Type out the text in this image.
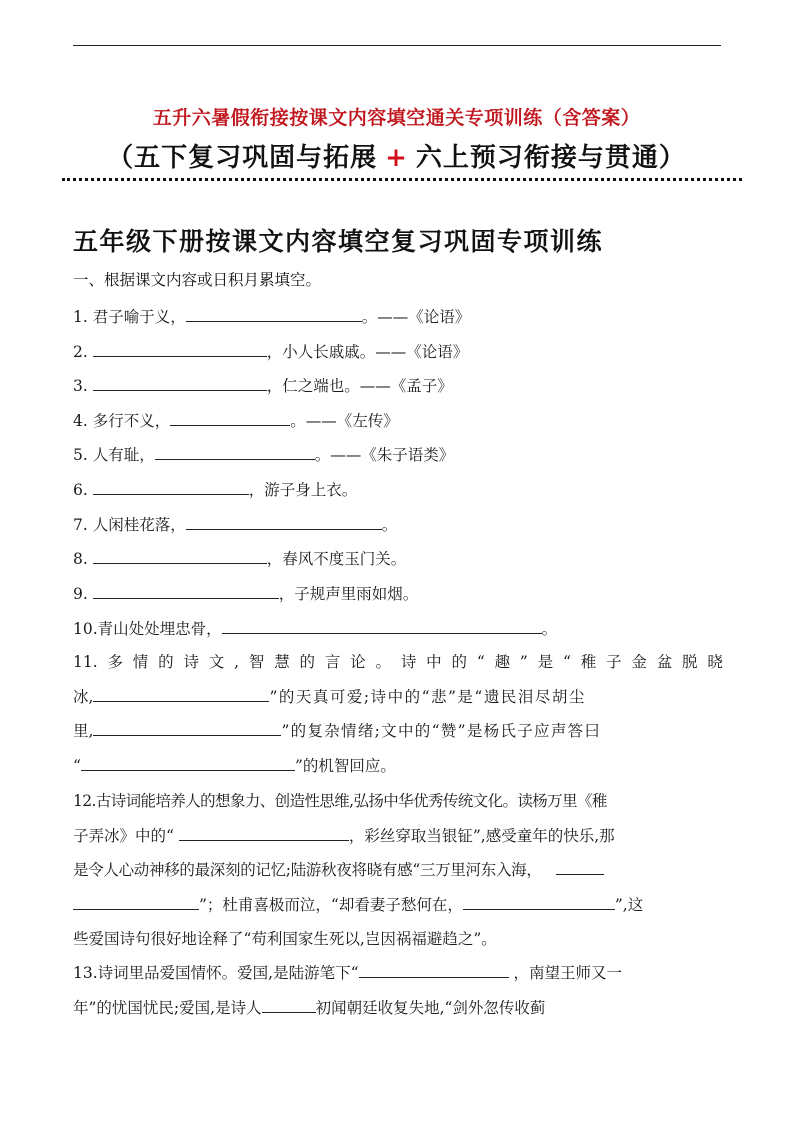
五升六暑假衔接按课文内容填空通关专项训练（含答案）
（五下复习巩固与拓展 + 六上预习衔接与贯通）
五年级下册按课文内容填空复习巩固专项训练
一、根据课文内容或日积月累填空。
1. 君子喻于义，	。——《论语》
2.	，小人长戚戚。——《论语》
3.	，仁之端也。——《孟子》
4. 多行不义，	。——《左传》
5. 人有耻，	。——《朱子语类》
6.	，游子身上衣。
7. 人闲桂花落，	。
8.	，春风不度玉门关。
9.	，子规声里雨如烟。
10.青山处处埋忠骨，	。
11. 多 情 的 诗 文 , 智 慧 的 言 论 。 诗 中 的 “ 趣 ” 是 “ 稚 子 金 盆 脱 晓
冰,	”的天真可爱;诗中的“悲”是“遗民泪尽胡尘
里,	”的复杂情绪;文中的“赞”是杨氏子应声答曰
“	”的机智回应。
12.古诗词能培养人的想象力、创造性思维,弘扬中华优秀传统文化。读杨万里《稚
子弄冰》中的“	，彩丝穿取当银钲”,感受童年的快乐,那
是令人心动神移的最深刻的记忆;陆游秋夜将晓有感“三万里河东入海，
”；杜甫喜极而泣，“却看妻子愁何在，	”,这
些爱国诗句很好地诠释了“苟利国家生死以,岂因祸福避趋之”。
13.诗词里品爱国情怀。爱国,是陆游笔下“	，南望王师又一
年”的忧国忧民;爱国,是诗人	初闻朝廷收复失地,“剑外忽传收蓟
